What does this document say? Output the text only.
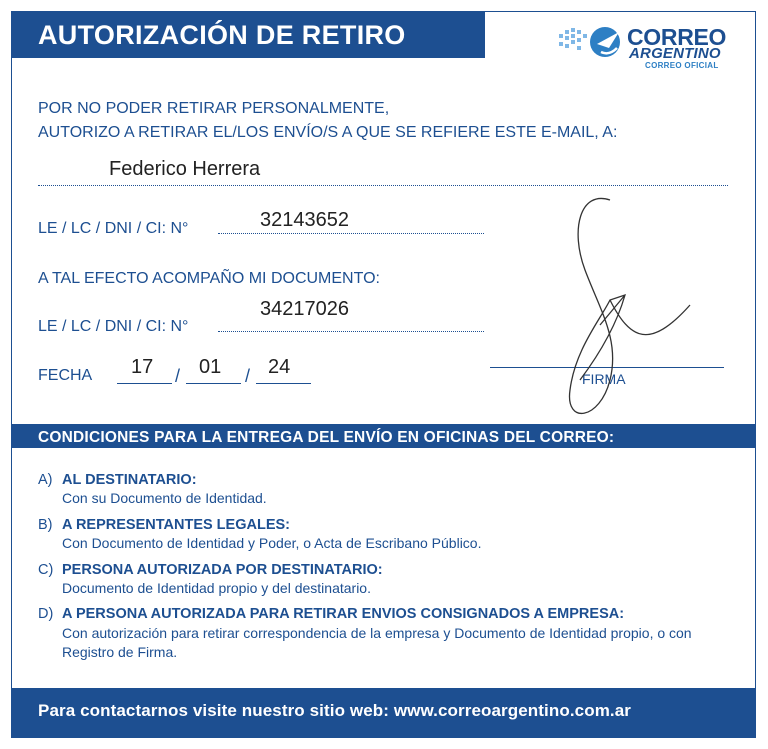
AUTORIZACIÓN DE RETIRO	CORREO
ARGENTINO
CORREO OFICIAL
POR NO PODER RETIRAR PERSONALMENTE,
AUTORIZO A RETIRAR EL/LOS ENVÍO/S A QUE SE REFIERE ESTE E-MAIL, A:
Federico Herrera
LE / LC / DNI / CI: N°	32143652
A TAL EFECTO ACOMPAÑO MI DOCUMENTO:
LE / LC / DNI / CI: N°
34217026
FECHA 17 / 01 / 24
FIRMA
CONDICIONES PARA LA ENTREGA DEL ENVÍO EN OFICINAS DEL CORREO:
A) AL DESTINATARIO:
Con su Documento de Identidad.
B) A REPRESENTANTES LEGALES:
Con Documento de Identidad y Poder, o Acta de Escribano Público.
C) PERSONA AUTORIZADA POR DESTINATARIO:
Documento de Identidad propio y del destinatario.
D) A PERSONA AUTORIZADA PARA RETIRAR ENVIOS CONSIGNADOS A EMPRESA:
Con autorización para retirar correspondencia de la empresa y Documento de Identidad propio, o con Registro de Firma.
Para contactarnos visite nuestro sitio web: www.correoargentino.com.ar
